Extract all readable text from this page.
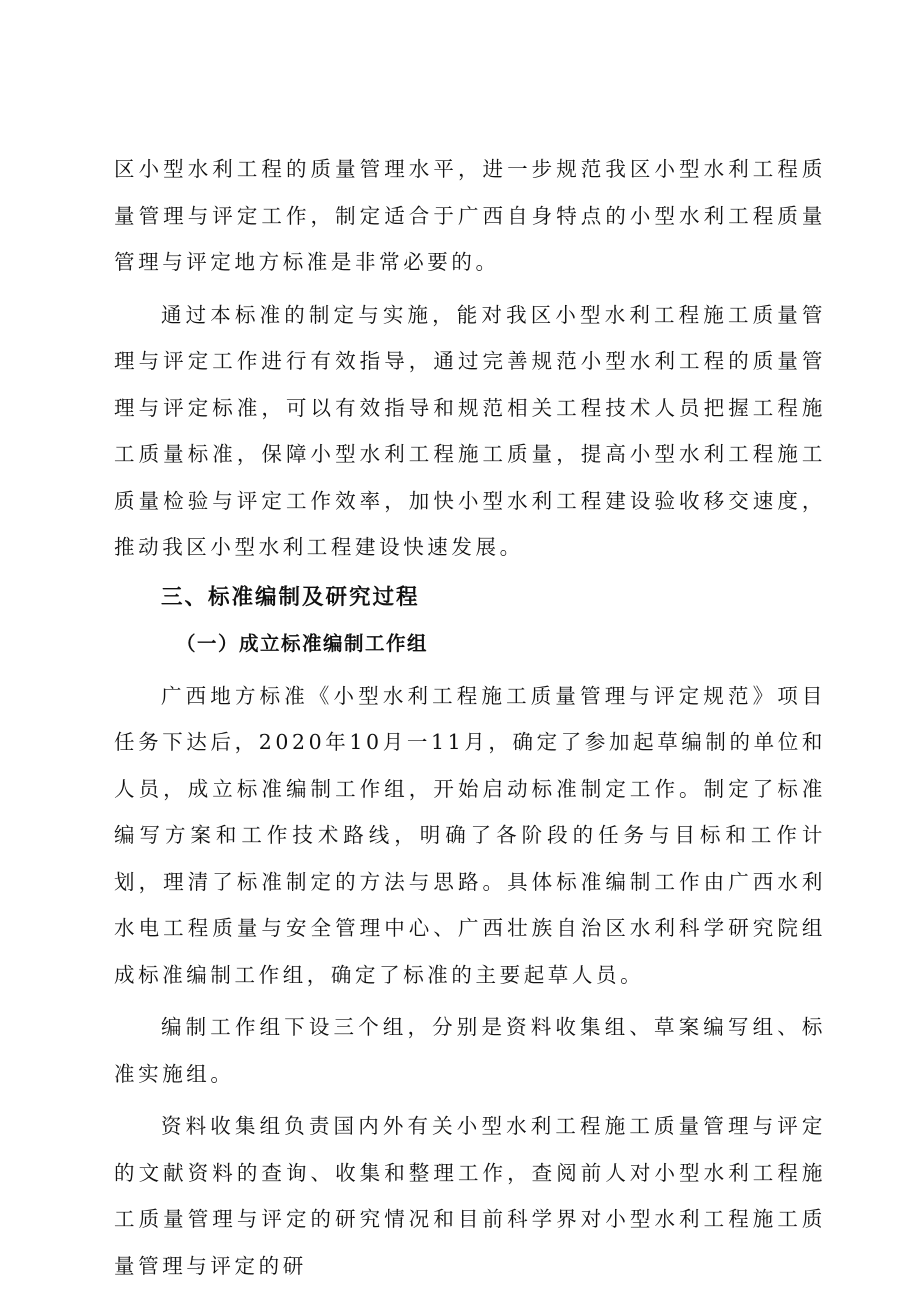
区小型水利工程的质量管理水平，进一步规范我区小型水利工程质量管理与评定工作，制定适合于广西自身特点的小型水利工程质量管理与评定地方标准是非常必要的。

通过本标准的制定与实施，能对我区小型水利工程施工质量管理与评定工作进行有效指导，通过完善规范小型水利工程的质量管理与评定标准，可以有效指导和规范相关工程技术人员把握工程施工质量标准，保障小型水利工程施工质量，提高小型水利工程施工质量检验与评定工作效率，加快小型水利工程建设验收移交速度，推动我区小型水利工程建设快速发展。

三、标准编制及研究过程
（一）成立标准编制工作组

广西地方标准《小型水利工程施工质量管理与评定规范》项目任务下达后，2020年10月一11月，确定了参加起草编制的单位和人员，成立标准编制工作组，开始启动标准制定工作。制定了标准编写方案和工作技术路线，明确了各阶段的任务与目标和工作计划，理清了标准制定的方法与思路。具体标准编制工作由广西水利水电工程质量与安全管理中心、广西壮族自治区水利科学研究院组成标准编制工作组，确定了标准的主要起草人员。

编制工作组下设三个组，分别是资料收集组、草案编写组、标准实施组。

资料收集组负责国内外有关小型水利工程施工质量管理与评定的文献资料的查询、收集和整理工作，查阅前人对小型水利工程施工质量管理与评定的研究情况和目前科学界对小型水利工程施工质量管理与评定的研
